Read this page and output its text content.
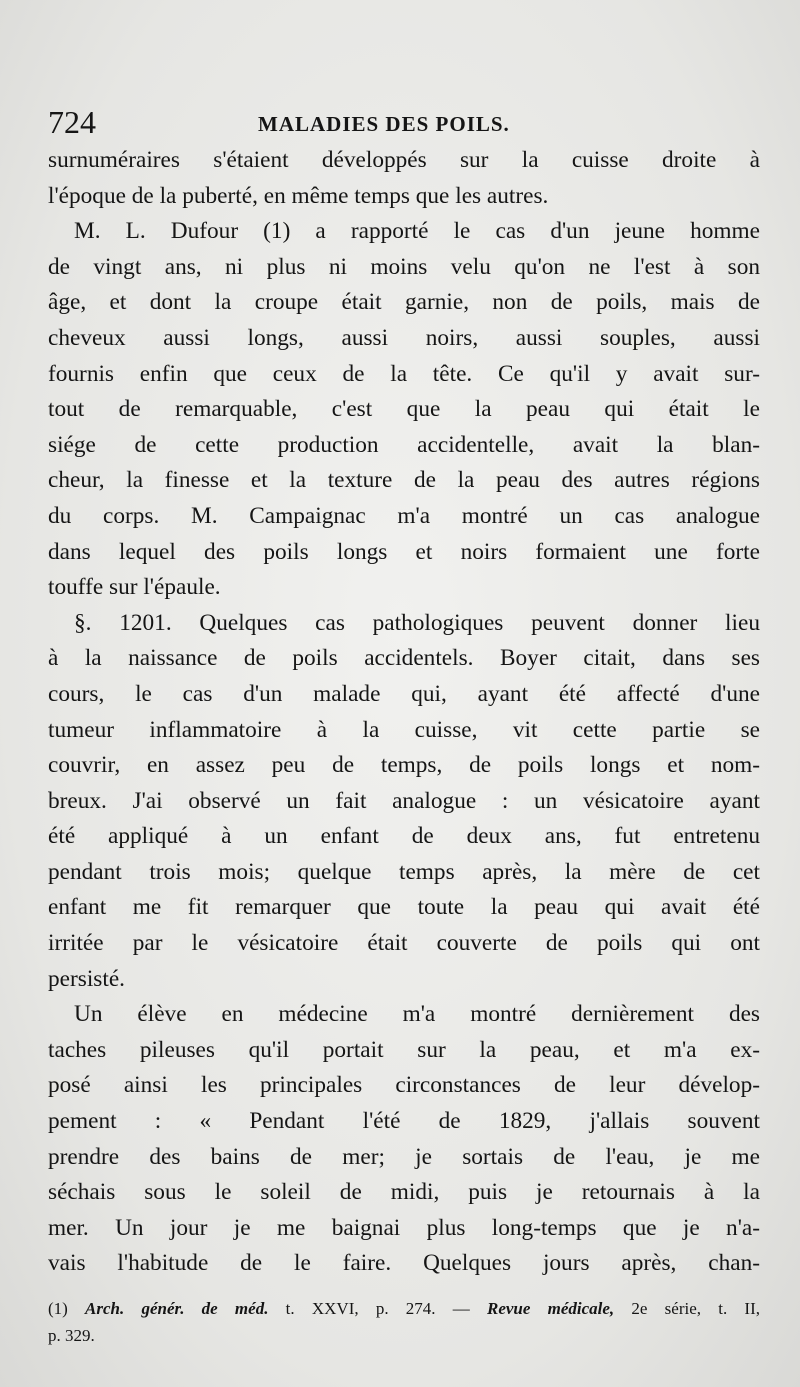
724	MALADIES DES POILS.
surnuméraires s'étaient développés sur la cuisse droite à
l'époque de la puberté, en même temps que les autres.
M. L. Dufour (1) a rapporté le cas d'un jeune homme
de vingt ans, ni plus ni moins velu qu'on ne l'est à son
âge, et dont la croupe était garnie, non de poils, mais de
cheveux aussi longs, aussi noirs, aussi souples, aussi
fournis enfin que ceux de la tête. Ce qu'il y avait sur-
tout de remarquable, c'est que la peau qui était le
siége de cette production accidentelle, avait la blan-
cheur, la finesse et la texture de la peau des autres régions
du corps. M. Campaignac m'a montré un cas analogue
dans lequel des poils longs et noirs formaient une forte
touffe sur l'épaule.
§. 1201. Quelques cas pathologiques peuvent donner lieu
à la naissance de poils accidentels. Boyer citait, dans ses
cours, le cas d'un malade qui, ayant été affecté d'une
tumeur inflammatoire à la cuisse, vit cette partie se
couvrir, en assez peu de temps, de poils longs et nom-
breux. J'ai observé un fait analogue : un vésicatoire ayant
été appliqué à un enfant de deux ans, fut entretenu
pendant trois mois; quelque temps après, la mère de cet
enfant me fit remarquer que toute la peau qui avait été
irritée par le vésicatoire était couverte de poils qui ont
persisté.
Un élève en médecine m'a montré dernièrement des
taches pileuses qu'il portait sur la peau, et m'a ex-
posé ainsi les principales circonstances de leur dévelop-
pement : « Pendant l'été de 1829, j'allais souvent
prendre des bains de mer; je sortais de l'eau, je me
séchais sous le soleil de midi, puis je retournais à la
mer. Un jour je me baignai plus long-temps que je n'a-
vais l'habitude de le faire. Quelques jours après, chan-
(1) Arch. génér. de méd. t. XXVI, p. 274. — Revue médicale, 2e série, t. II,
p. 329.
